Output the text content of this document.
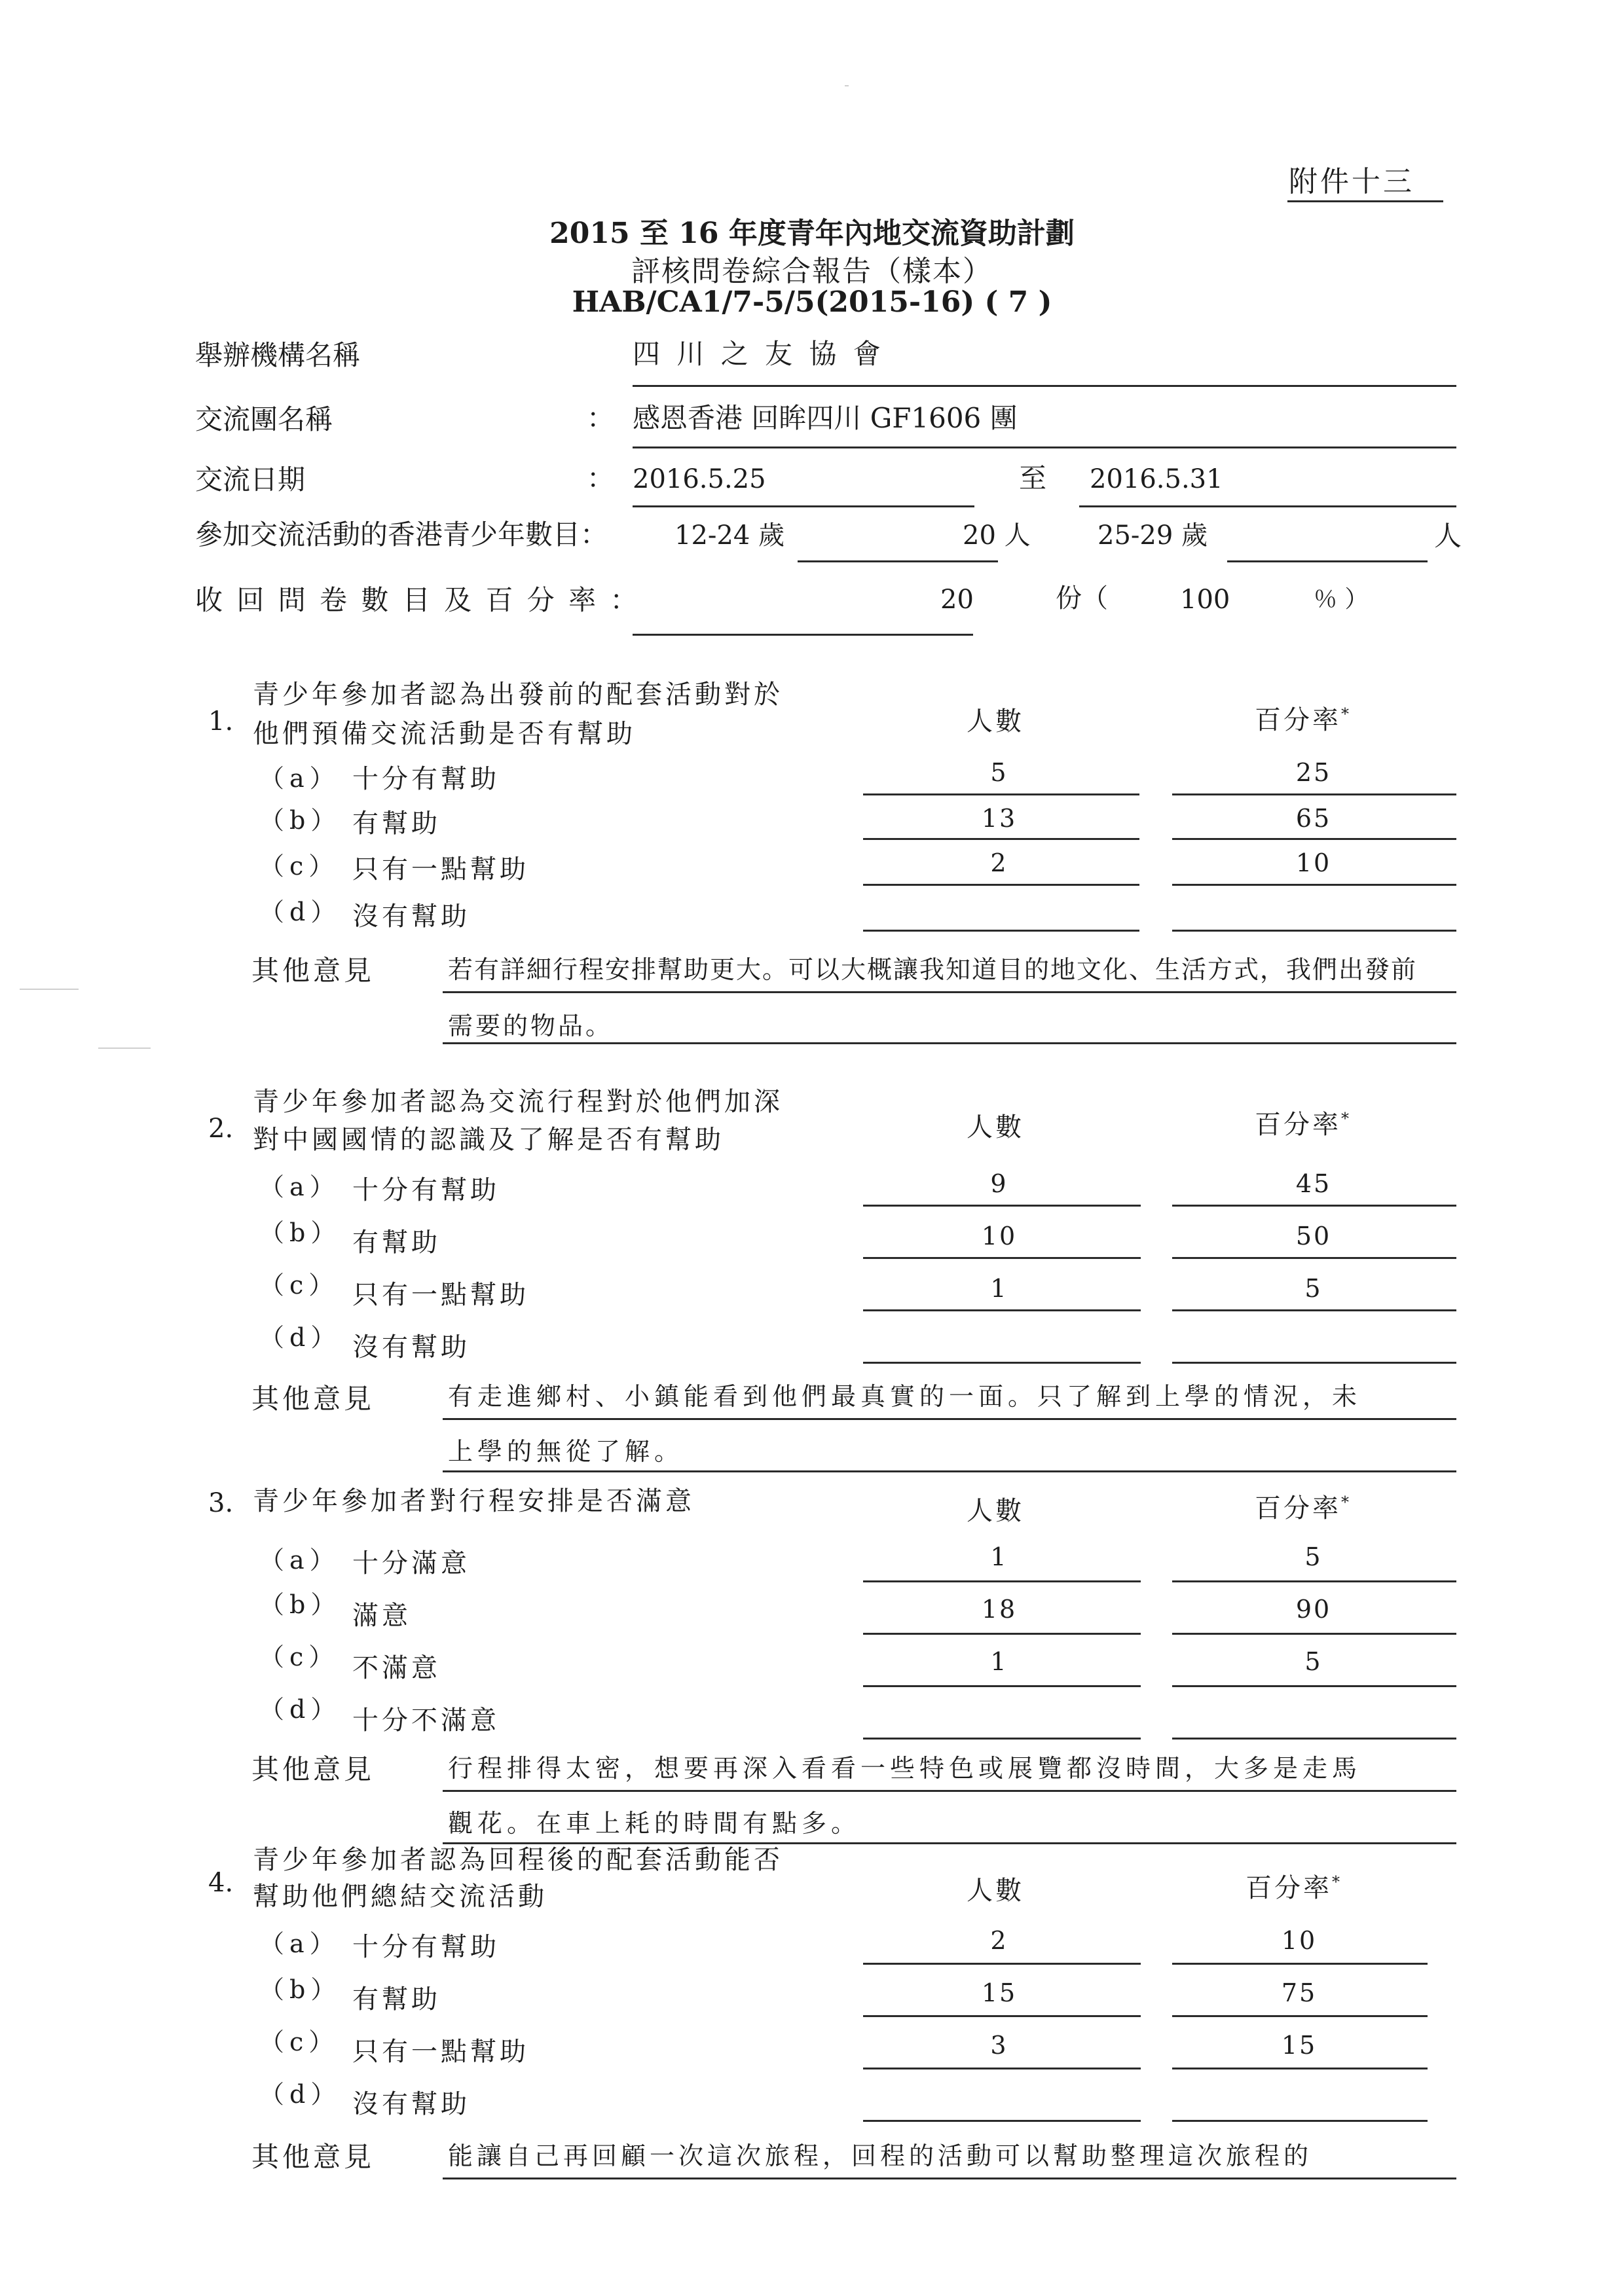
附件十三
2015 至 16 年度青年內地交流資助計劃
評核問卷綜合報告（樣本）
HAB/CA1/7-5/5(2015-16) ( 7 )
舉辦機構名稱	四 川 之 友 協 會
交流團名稱	： 感恩香港 回眸四川 GF1606 團
交流日期	： 2016.5.25	至 2016.5.31
參加交流活動的香港青少年數目：	12-24 歲	20 人	25-29 歲	人
收 回 問 卷 數 目 及 百 分 率 ：	20	份（	100	％ ）
1.
青少年參加者認為出發前的配套活動對於
他們預備交流活動是否有幫助	人數	百分率*
（a） 十分有幫助	5	25
（b） 有幫助	13	65
（c） 只有一點幫助	2	10
（d） 沒有幫助
其他意見	若有詳細行程安排幫助更大。可以大概讓我知道目的地文化、生活方式，我們出發前
需要的物品。
2.
青少年參加者認為交流行程對於他們加深
對中國國情的認識及了解是否有幫助	人數	百分率*
（a） 十分有幫助	9	45
（b） 有幫助	10	50
（c） 只有一點幫助	1	5
（d） 沒有幫助
其他意見	有走進鄉村、小鎮能看到他們最真實的一面。只了解到上學的情況，未
上學的無從了解。
3. 青少年參加者對行程安排是否滿意	人數	百分率*
（a） 十分滿意	1	5
（b） 滿意	18	90
（c） 不滿意	1	5
（d） 十分不滿意
其他意見	行程排得太密，想要再深入看看一些特色或展覽都沒時間，大多是走馬
觀花。在車上耗的時間有點多。
4.
青少年參加者認為回程後的配套活動能否
幫助他們總結交流活動	人數	百分率*
（a） 十分有幫助	2	10
（b） 有幫助	15	75
（c） 只有一點幫助	3	15
（d） 沒有幫助
其他意見	能讓自己再回顧一次這次旅程，回程的活動可以幫助整理這次旅程的
